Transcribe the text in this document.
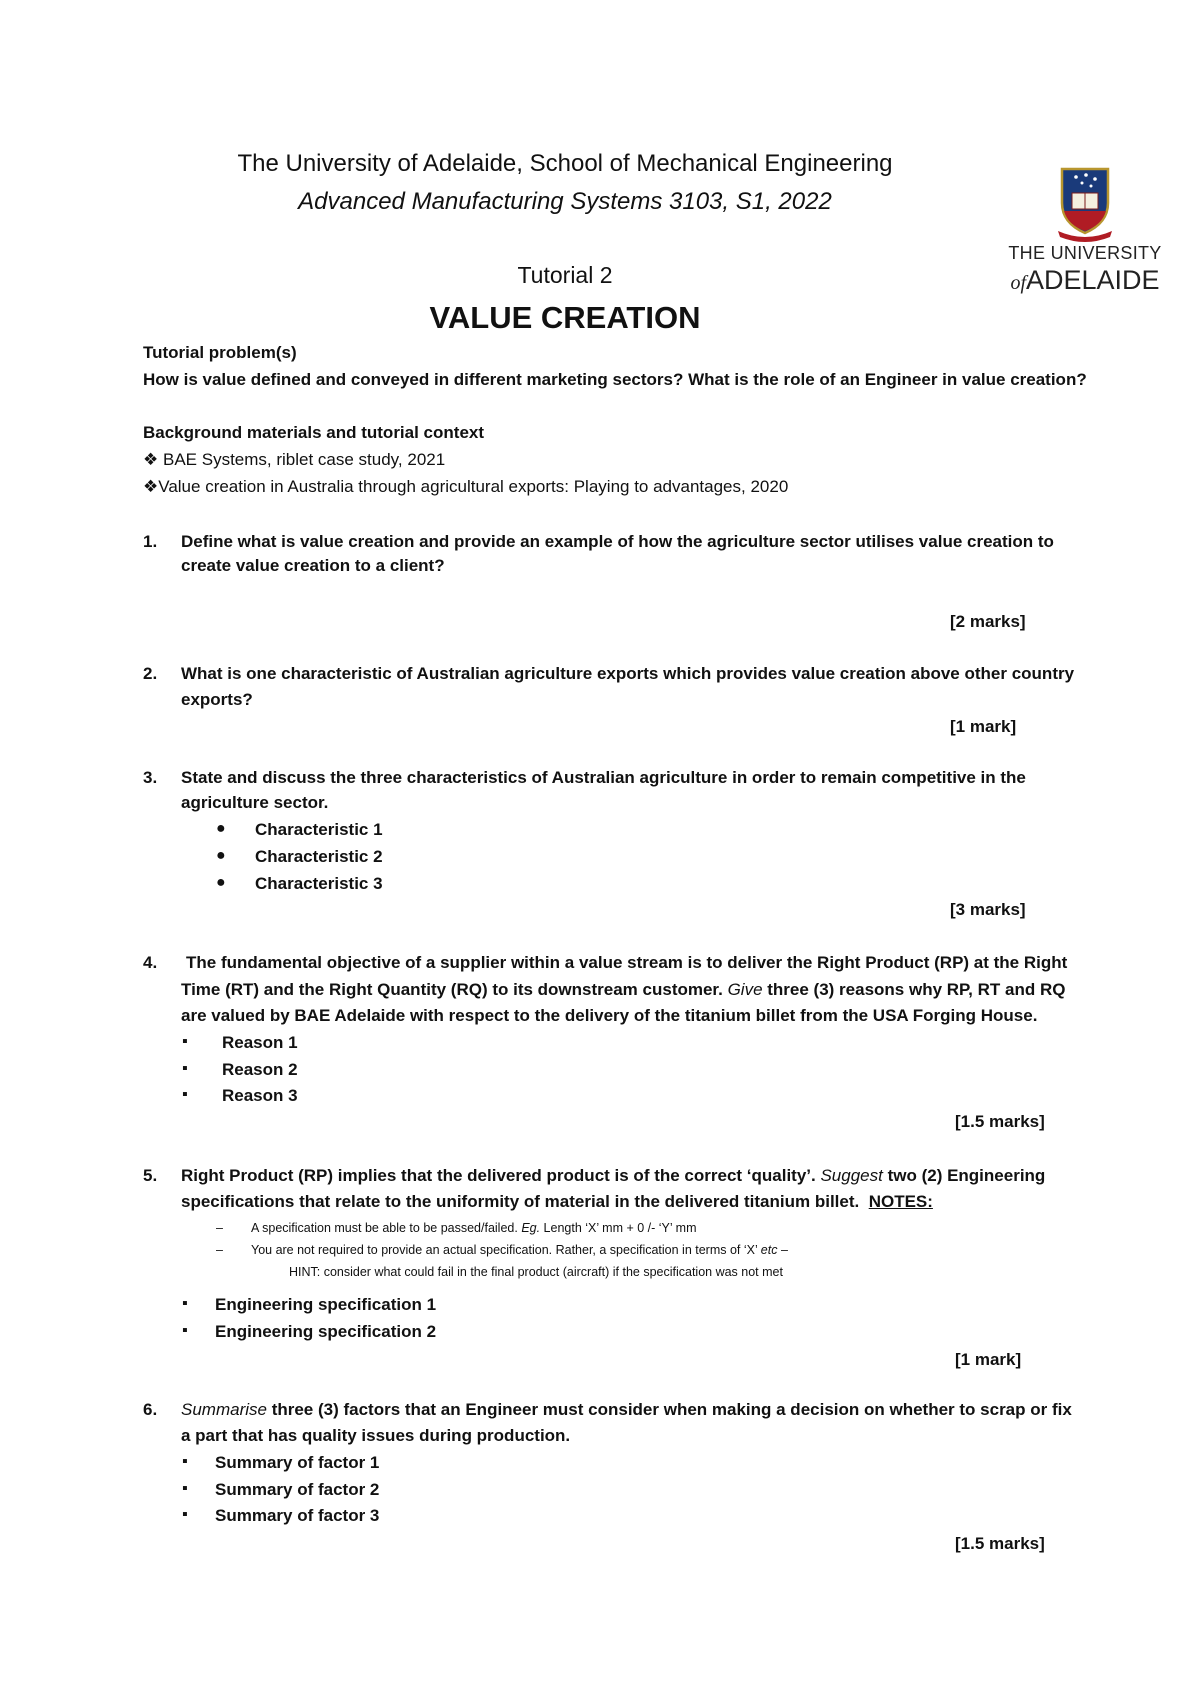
The University of Adelaide, School of Mechanical Engineering
Advanced Manufacturing Systems 3103, S1, 2022
Tutorial 2
VALUE CREATION
THE UNIVERSITY
ofADELAIDE
Tutorial problem(s)
How is value defined and conveyed in different marketing sectors? What is the role of an Engineer in value creation?
Background materials and tutorial context
❖ BAE Systems, riblet case study, 2021
❖Value creation in Australia through agricultural exports: Playing to advantages, 2020
1. Define what is value creation and provide an example of how the agriculture sector utilises value creation to
create value creation to a client?
[2 marks]
2. What is one characteristic of Australian agriculture exports which provides value creation above other country
exports?
[1 mark]
3. State and discuss the three characteristics of Australian agriculture in order to remain competitive in the
agriculture sector.
● Characteristic 1
● Characteristic 2
● Characteristic 3
[3 marks]
4. The fundamental objective of a supplier within a value stream is to deliver the Right Product (RP) at the Right
Time (RT) and the Right Quantity (RQ) to its downstream customer. Give three (3) reasons why RP, RT and RQ
are valued by BAE Adelaide with respect to the delivery of the titanium billet from the USA Forging House.
▪ Reason 1
▪ Reason 2
▪ Reason 3
[1.5 marks]
5. Right Product (RP) implies that the delivered product is of the correct ‘quality’. Suggest two (2) Engineering
specifications that relate to the uniformity of material in the delivered titanium billet. NOTES:
– A specification must be able to be passed/failed. Eg. Length ‘X’ mm + 0 /- ‘Y’ mm
– You are not required to provide an actual specification. Rather, a specification in terms of ‘X’ etc –
HINT: consider what could fail in the final product (aircraft) if the specification was not met
▪ Engineering specification 1
▪ Engineering specification 2
[1 mark]
6. Summarise three (3) factors that an Engineer must consider when making a decision on whether to scrap or fix
a part that has quality issues during production.
▪ Summary of factor 1
▪ Summary of factor 2
▪ Summary of factor 3
[1.5 marks]
